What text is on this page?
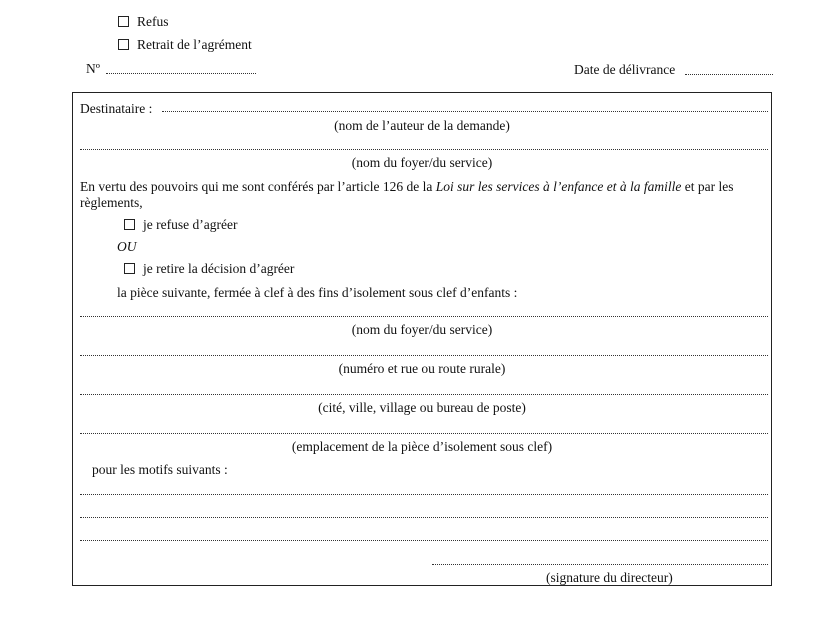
Refus
Retrait de l’agrément
Nº	Date de délivrance
Destinataire :
(nom de l’auteur de la demande)
(nom du foyer/du service)
En vertu des pouvoirs qui me sont conférés par l’article 126 de la Loi sur les services à l’enfance et à la famille et par les
règlements,
je refuse d’agréer
OU
je retire la décision d’agréer
la pièce suivante, fermée à clef à des fins d’isolement sous clef d’enfants :
(nom du foyer/du service)
(numéro et rue ou route rurale)
(cité, ville, village ou bureau de poste)
(emplacement de la pièce d’isolement sous clef)
pour les motifs suivants :
(signature du directeur)
